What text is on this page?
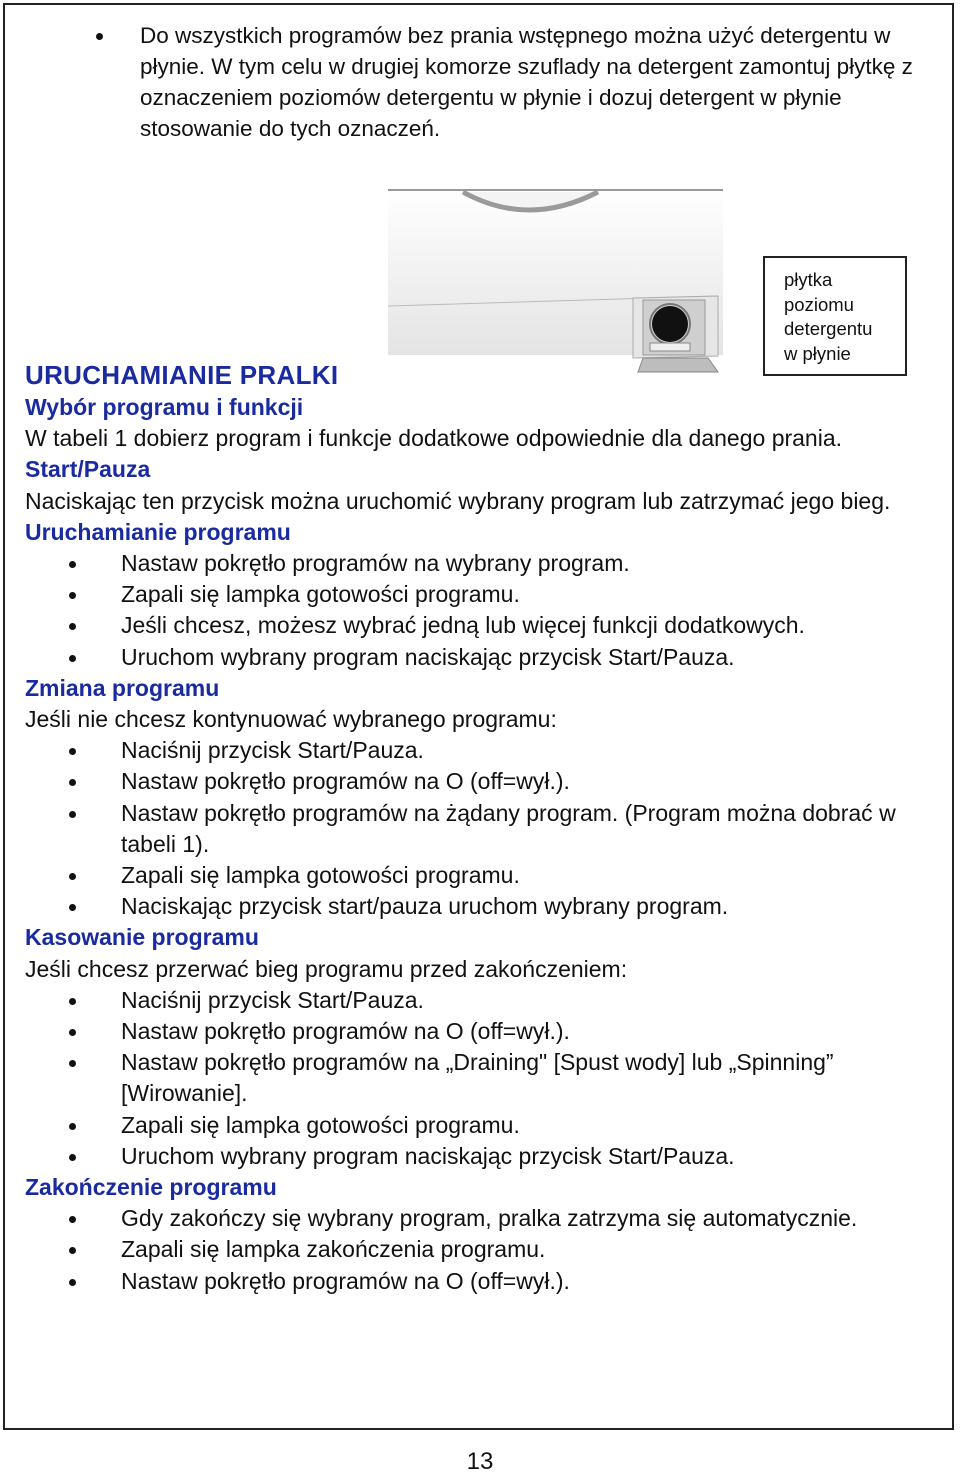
Do wszystkich programów bez prania wstępnego można użyć detergentu w płynie. W tym celu w drugiej komorze szuflady na detergent zamontuj płytkę z oznaczeniem poziomów detergentu w płynie i dozuj detergent w płynie stosowanie do tych oznaczeń.
płytka
poziomu
detergentu
w płynie
URUCHAMIANIE PRALKI

Wybór programu i funkcji

W tabeli 1 dobierz program i funkcje dodatkowe odpowiednie dla danego prania.

Start/Pauza

Naciskając ten przycisk można uruchomić wybrany program lub zatrzymać jego bieg.

Uruchamianie programu

Nastaw pokrętło programów na wybrany program.
Zapali się lampka gotowości programu.
Jeśli chcesz, możesz wybrać jedną lub więcej funkcji dodatkowych.
Uruchom wybrany program naciskając przycisk Start/Pauza.

Zmiana programu

Jeśli nie chcesz kontynuować wybranego programu:

Naciśnij przycisk Start/Pauza.
Nastaw pokrętło programów na O (off=wył.).
Nastaw pokrętło programów na żądany program. (Program można dobrać w tabeli 1).
Zapali się lampka gotowości programu.
Naciskając przycisk start/pauza uruchom wybrany program.

Kasowanie programu

Jeśli chcesz przerwać bieg programu przed zakończeniem:

Naciśnij przycisk Start/Pauza.
Nastaw pokrętło programów na O (off=wył.).
Nastaw pokrętło programów na „Draining" [Spust wody] lub „Spinning” [Wirowanie].
Zapali się lampka gotowości programu.
Uruchom wybrany program naciskając przycisk Start/Pauza.

Zakończenie programu

Gdy zakończy się wybrany program, pralka zatrzyma się automatycznie.
Zapali się lampka zakończenia programu.
Nastaw pokrętło programów na O (off=wył.).
13
